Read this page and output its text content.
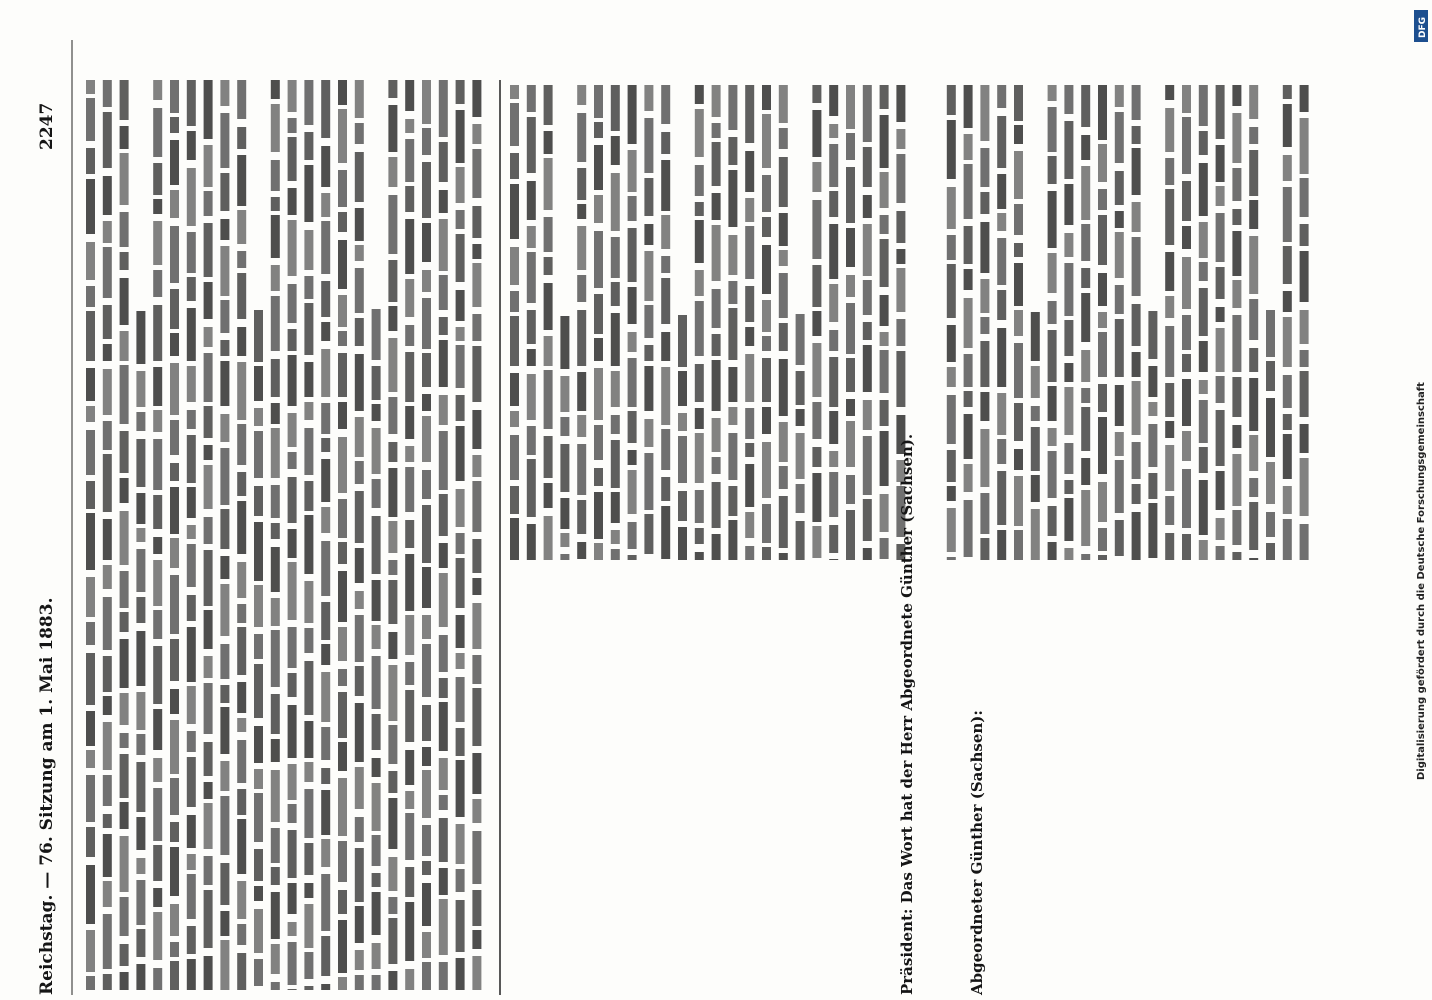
Reichstag. — 76. Sitzung am 1. Mai 1883.
2247
Präsident: Das Wort hat der Herr Abgeordnete Günther (Sachsen).	Abgeordneter Günther (Sachsen):
Digitalisierung gefördert durch die Deutsche Forschungsgemeinschaft
DFG
